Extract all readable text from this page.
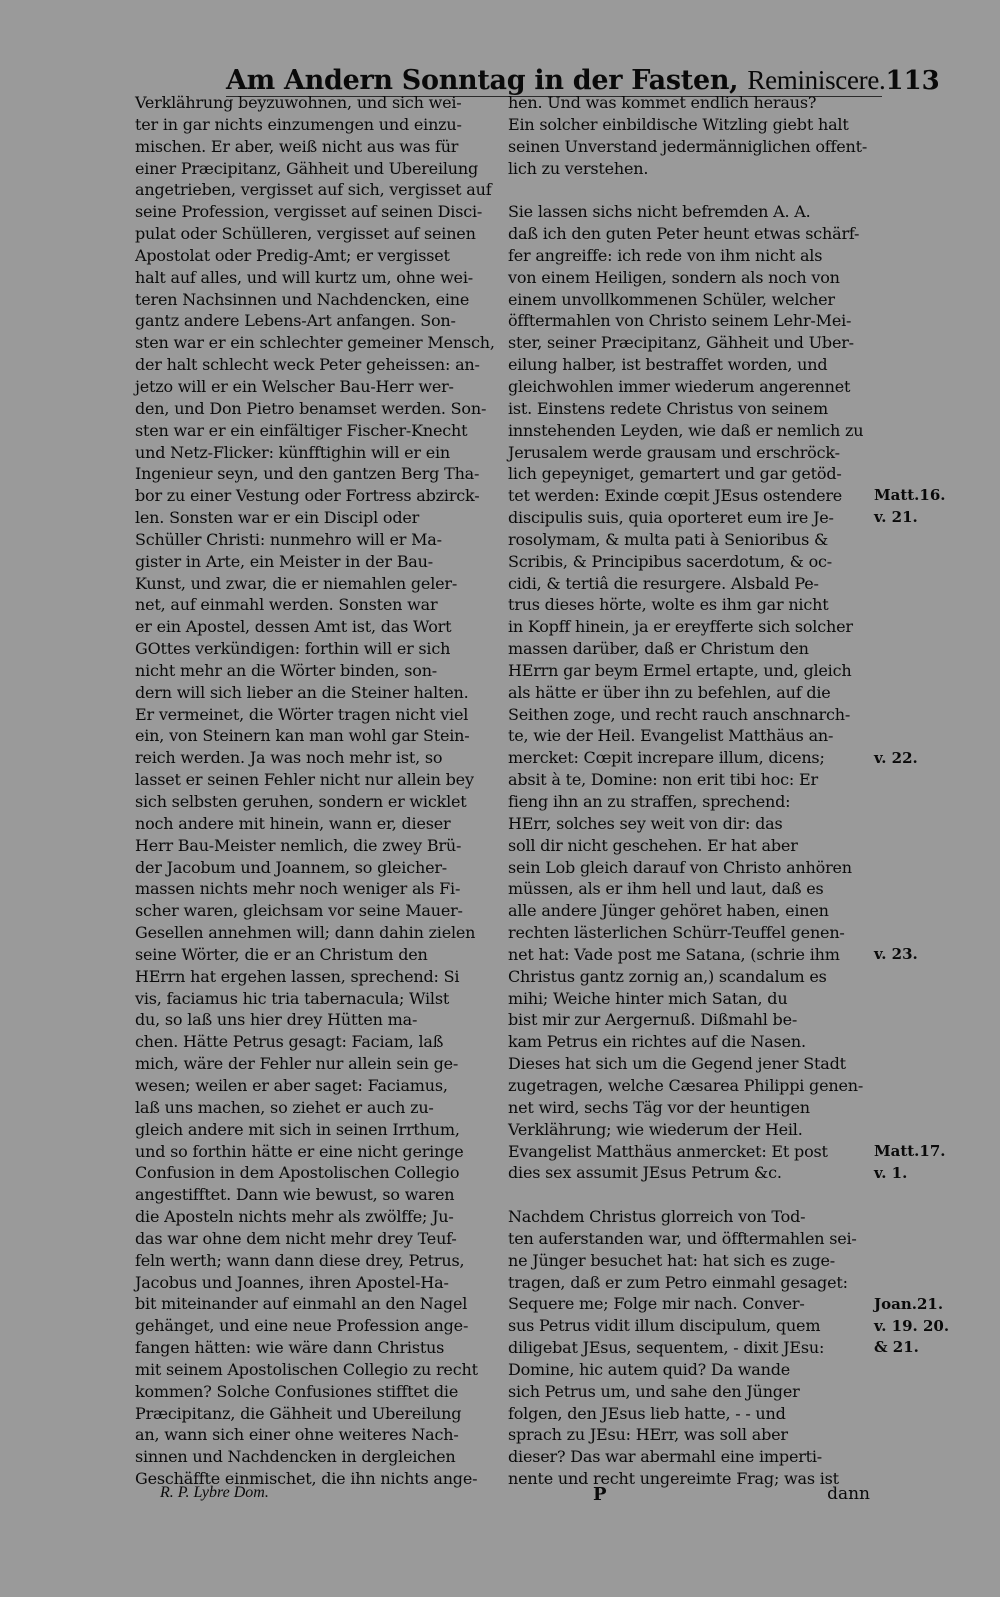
Am Andern Sonntag in der Fasten, Reminiscere. 113
Verklährung beyzuwohnen, und sich wei-
ter in gar nichts einzumengen und einzu-
mischen. Er aber, weiß nicht aus was für
einer Præcipitanz, Gähheit und Ubereilung
angetrieben, vergisset auf sich, vergisset auf
seine Profession, vergisset auf seinen Disci-
pulat oder Schülleren, vergisset auf seinen
Apostolat oder Predig-Amt; er vergisset
halt auf alles, und will kurtz um, ohne wei-
teren Nachsinnen und Nachdencken, eine
gantz andere Lebens-Art anfangen. Son-
sten war er ein schlechter gemeiner Mensch,
der halt schlecht weck Peter geheissen: an-
jetzo will er ein Welscher Bau-Herr wer-
den, und Don Pietro benamset werden. Son-
sten war er ein einfältiger Fischer-Knecht
und Netz-Flicker: künfftighin will er ein
Ingenieur seyn, und den gantzen Berg Tha-
bor zu einer Vestung oder Fortress abzirck-
len. Sonsten war er ein Discipl oder
Schüller Christi: nunmehro will er Ma-
gister in Arte, ein Meister in der Bau-
Kunst, und zwar, die er niemahlen geler-
net, auf einmahl werden. Sonsten war
er ein Apostel, dessen Amt ist, das Wort
GOttes verkündigen: forthin will er sich
nicht mehr an die Wörter binden, son-
dern will sich lieber an die Steiner halten.
Er vermeinet, die Wörter tragen nicht viel
ein, von Steinern kan man wohl gar Stein-
reich werden. Ja was noch mehr ist, so
lasset er seinen Fehler nicht nur allein bey
sich selbsten geruhen, sondern er wicklet
noch andere mit hinein, wann er, dieser
Herr Bau-Meister nemlich, die zwey Brü-
der Jacobum und Joannem, so gleicher-
massen nichts mehr noch weniger als Fi-
scher waren, gleichsam vor seine Mauer-
Gesellen annehmen will; dann dahin zielen
seine Wörter, die er an Christum den
HErrn hat ergehen lassen, sprechend: Si
vis, faciamus hic tria tabernacula; Wilst
du, so laß uns hier drey Hütten ma-
chen. Hätte Petrus gesagt: Faciam, laß
mich, wäre der Fehler nur allein sein ge-
wesen; weilen er aber saget: Faciamus,
laß uns machen, so ziehet er auch zu-
gleich andere mit sich in seinen Irrthum,
und so forthin hätte er eine nicht geringe
Confusion in dem Apostolischen Collegio
angestifftet. Dann wie bewust, so waren
die Aposteln nichts mehr als zwölffe; Ju-
das war ohne dem nicht mehr drey Teuf-
feln werth; wann dann diese drey, Petrus,
Jacobus und Joannes, ihren Apostel-Ha-
bit miteinander auf einmahl an den Nagel
gehänget, und eine neue Profession ange-
fangen hätten: wie wäre dann Christus
mit seinem Apostolischen Collegio zu recht
kommen? Solche Confusiones stifftet die
Præcipitanz, die Gähheit und Ubereilung
an, wann sich einer ohne weiteres Nach-
sinnen und Nachdencken in dergleichen
Geschäffte einmischet, die ihn nichts ange-
hen. Und was kommet endlich heraus?
Ein solcher einbildische Witzling giebt halt
seinen Unverstand jedermänniglichen offent-
lich zu verstehen.
Sie lassen sichs nicht befremden A. A.
daß ich den guten Peter heunt etwas schärf-
fer angreiffe: ich rede von ihm nicht als
von einem Heiligen, sondern als noch von
einem unvollkommenen Schüler, welcher
öfftermahlen von Christo seinem Lehr-Mei-
ster, seiner Præcipitanz, Gähheit und Uber-
eilung halber, ist bestraffet worden, und
gleichwohlen immer wiederum angerennet
ist. Einstens redete Christus von seinem
innstehenden Leyden, wie daß er nemlich zu
Jerusalem werde grausam und erschröck-
lich gepeyniget, gemartert und gar getöd-
tet werden: Exinde cœpit JEsus ostendere
discipulis suis, quia oporteret eum ire Je-
rosolymam, & multa pati à Senioribus &
Scribis, & Principibus sacerdotum, & oc-
cidi, & tertiâ die resurgere. Alsbald Pe-
trus dieses hörte, wolte es ihm gar nicht
in Kopff hinein, ja er ereyfferte sich solcher
massen darüber, daß er Christum den
HErrn gar beym Ermel ertapte, und, gleich
als hätte er über ihn zu befehlen, auf die
Seithen zoge, und recht rauch anschnarch-
te, wie der Heil. Evangelist Matthäus an-
mercket: Cœpit increpare illum, dicens;
absit à te, Domine: non erit tibi hoc: Er
fieng ihn an zu straffen, sprechend:
HErr, solches sey weit von dir: das
soll dir nicht geschehen. Er hat aber
sein Lob gleich darauf von Christo anhören
müssen, als er ihm hell und laut, daß es
alle andere Jünger gehöret haben, einen
rechten lästerlichen Schürr-Teuffel genen-
net hat: Vade post me Satana, (schrie ihm
Christus gantz zornig an,) scandalum es
mihi; Weiche hinter mich Satan, du
bist mir zur Aergernuß. Dißmahl be-
kam Petrus ein richtes auf die Nasen.
Dieses hat sich um die Gegend jener Stadt
zugetragen, welche Cæsarea Philippi genen-
net wird, sechs Täg vor der heuntigen
Verklährung; wie wiederum der Heil.
Evangelist Matthäus anmercket: Et post
dies sex assumit JEsus Petrum &c.
Nachdem Christus glorreich von Tod-
ten auferstanden war, und öfftermahlen sei-
ne Jünger besuchet hat: hat sich es zuge-
tragen, daß er zum Petro einmahl gesaget:
Sequere me; Folge mir nach. Conver-
sus Petrus vidit illum discipulum, quem
diligebat JEsus, sequentem, - dixit JEsu:
Domine, hic autem quid? Da wande
sich Petrus um, und sahe den Jünger
folgen, den JEsus lieb hatte, - - und
sprach zu JEsu: HErr, was soll aber
dieser? Das war abermahl eine imperti-
nente und recht ungereimte Frag; was ist
Matt.16.
v. 21.
v. 22.
v. 23.
Matt.17.
v. 1.
Joan.21.
v. 19. 20.
& 21.
R. P. Lybre Dom.	P	dann
